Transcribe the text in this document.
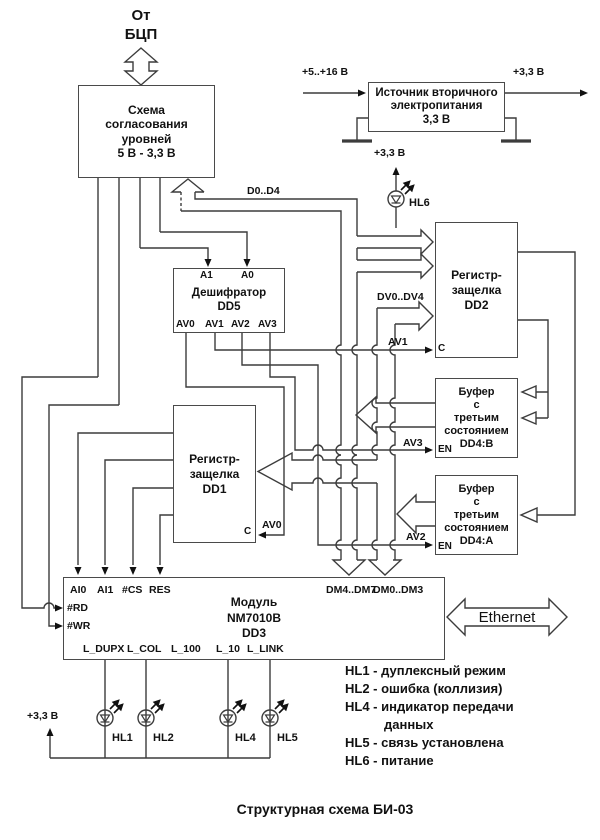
От
БЦП
Схема
согласования
уровней
5 В - 3,3 В
Источник вторичного
электропитания
3,3 В
+5..+16 В	+3,3 В
Дешифратор
DD5
A1	A0
AV0 AV1 AV2 AV3
Регистр-
защелка
DD2
C
Буфер
с
третьим
состоянием
DD4:B
EN
Регистр-
защелка
DD1
C
Буфер
с
третьим
состоянием
DD4:A
EN
Модуль
NM7010B
DD3
AI0 AI1 #CS RES
#RD
#WR
DM4..DM7
DM0..DM3
L_DUPX L_COL L_100 L_10 L_LINK
D0..D4
DV0..DV4
AV1
AV3
AV2
AV0
+3,3 В
+3,3 В
HL6
HL1 HL2	HL4 HL5
Ethernet
HL1 - дуплексный режим
HL2 - ошибка (коллизия)
HL4 - индикатор передачи
данных
HL5 - связь установлена
HL6 - питание
Структурная схема БИ-03
